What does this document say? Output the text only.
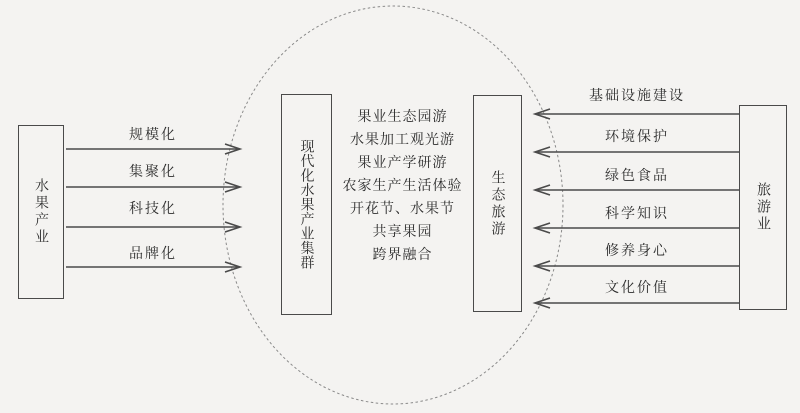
水果产业	现代化水果产业集群	生态旅游	旅游业
规模化
集聚化
科技化
品牌化
基础设施建设
环境保护
绿色食品
科学知识
修养身心
文化价值
果业生态园游
水果加工观光游
果业产学研游
农家生产生活体验
开花节、水果节
共享果园
跨界融合
